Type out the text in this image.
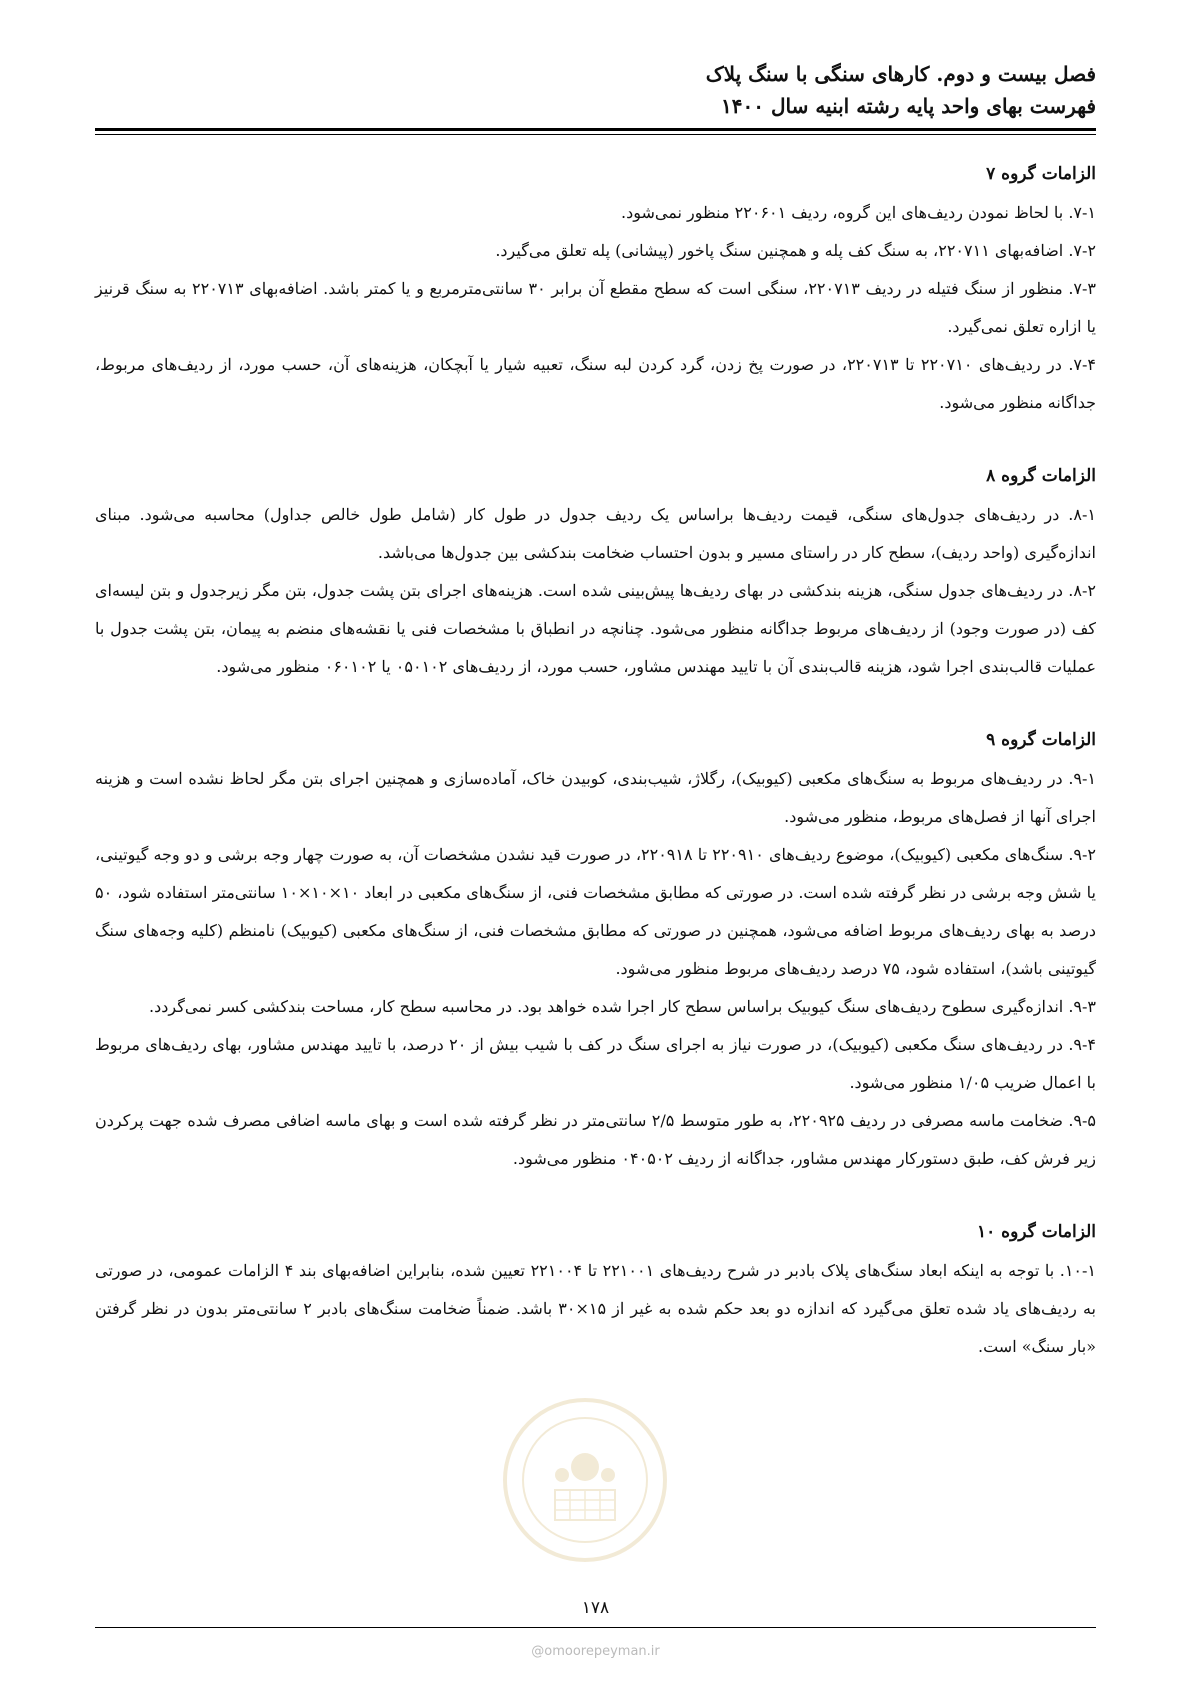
فصل بیست و دوم. کارهای سنگی با سنگ پلاک
فهرست بهای واحد پایه رشته ابنیه سال ۱۴۰۰
الزامات گروه ۷
۷-۱. با لحاظ نمودن ردیف‌های این گروه، ردیف ۲۲۰۶۰۱ منظور نمی‌شود.
۷-۲. اضافه‌بهای ۲۲۰۷۱۱، به سنگ کف پله و همچنین سنگ پاخور (پیشانی) پله تعلق می‌گیرد.
۷-۳. منظور از سنگ فتیله در ردیف ۲۲۰۷۱۳، سنگی است که سطح مقطع آن برابر ۳۰ سانتی‌مترمربع و یا کمتر باشد. اضافه‌بهای ۲۲۰۷۱۳ به سنگ قرنیز یا ازاره تعلق نمی‌گیرد.
۷-۴. در ردیف‌های ۲۲۰۷۱۰ تا ۲۲۰۷۱۳، در صورت پخ زدن، گرد کردن لبه سنگ، تعبیه شیار یا آبچکان، هزینه‌های آن، حسب مورد، از ردیف‌های مربوط، جداگانه منظور می‌شود.
الزامات گروه ۸
۸-۱. در ردیف‌های جدول‌های سنگی، قیمت ردیف‌ها براساس یک ردیف جدول در طول کار (شامل طول خالص جداول) محاسبه می‌شود. مبنای اندازه‌گیری (واحد ردیف)، سطح کار در راستای مسیر و بدون احتساب ضخامت بندکشی بین جدول‌ها می‌باشد.
۸-۲. در ردیف‌های جدول سنگی، هزینه بندکشی در بهای ردیف‌ها پیش‌بینی شده است. هزینه‌های اجرای بتن پشت جدول، بتن مگر زیرجدول و بتن لیسه‌ای کف (در صورت وجود) از ردیف‌های مربوط جداگانه منظور می‌شود. چنانچه در انطباق با مشخصات فنی یا نقشه‌های منضم به پیمان، بتن پشت جدول با عملیات قالب‌بندی اجرا شود، هزینه قالب‌بندی آن با تایید مهندس مشاور، حسب مورد، از ردیف‌های ۰۵۰۱۰۲ یا ۰۶۰۱۰۲ منظور می‌شود.
الزامات گروه ۹
۹-۱. در ردیف‌های مربوط به سنگ‌های مکعبی (کیوبیک)، رگلاژ، شیب‌بندی، کوبیدن خاک، آماده‌سازی و همچنین اجرای بتن مگر لحاظ نشده است و هزینه اجرای آنها از فصل‌های مربوط، منظور می‌شود.
۹-۲. سنگ‌های مکعبی (کیوبیک)، موضوع ردیف‌های ۲۲۰۹۱۰ تا ۲۲۰۹۱۸، در صورت قید نشدن مشخصات آن، به صورت چهار وجه برشی و دو وجه گیوتینی، یا شش وجه برشی در نظر گرفته شده است. در صورتی که مطابق مشخصات فنی، از سنگ‌های مکعبی در ابعاد ۱۰×۱۰×۱۰ سانتی‌متر استفاده شود، ۵۰ درصد به بهای ردیف‌های مربوط اضافه می‌شود، همچنین در صورتی که مطابق مشخصات فنی، از سنگ‌های مکعبی (کیوبیک) نامنظم (کلیه وجه‌های سنگ گیوتینی باشد)، استفاده شود، ۷۵ درصد ردیف‌های مربوط منظور می‌شود.
۹-۳. اندازه‌گیری سطوح ردیف‌های سنگ کیوبیک براساس سطح کار اجرا شده خواهد بود. در محاسبه سطح کار، مساحت بندکشی کسر نمی‌گردد.
۹-۴. در ردیف‌های سنگ مکعبی (کیوبیک)، در صورت نیاز به اجرای سنگ در کف با شیب بیش از ۲۰ درصد، با تایید مهندس مشاور، بهای ردیف‌های مربوط با اعمال ضریب ۱/۰۵ منظور می‌شود.
۹-۵. ضخامت ماسه مصرفی در ردیف ۲۲۰۹۲۵، به طور متوسط ۲/۵ سانتی‌متر در نظر گرفته شده است و بهای ماسه اضافی مصرف شده جهت پرکردن زیر فرش کف، طبق دستورکار مهندس مشاور، جداگانه از ردیف ۰۴۰۵۰۲ منظور می‌شود.
الزامات گروه ۱۰
۱۰-۱. با توجه به اینکه ابعاد سنگ‌های پلاک بادبر در شرح ردیف‌های ۲۲۱۰۰۱ تا ۲۲۱۰۰۴ تعیین شده، بنابراین اضافه‌بهای بند ۴ الزامات عمومی، در صورتی به ردیف‌های یاد شده تعلق می‌گیرد که اندازه دو بعد حکم شده به غیر از ۱۵×۳۰ باشد. ضمناً ضخامت سنگ‌های بادبر ۲ سانتی‌متر بدون در نظر گرفتن «بار سنگ» است.
۱۷۸
@omoorepeyman.ir
